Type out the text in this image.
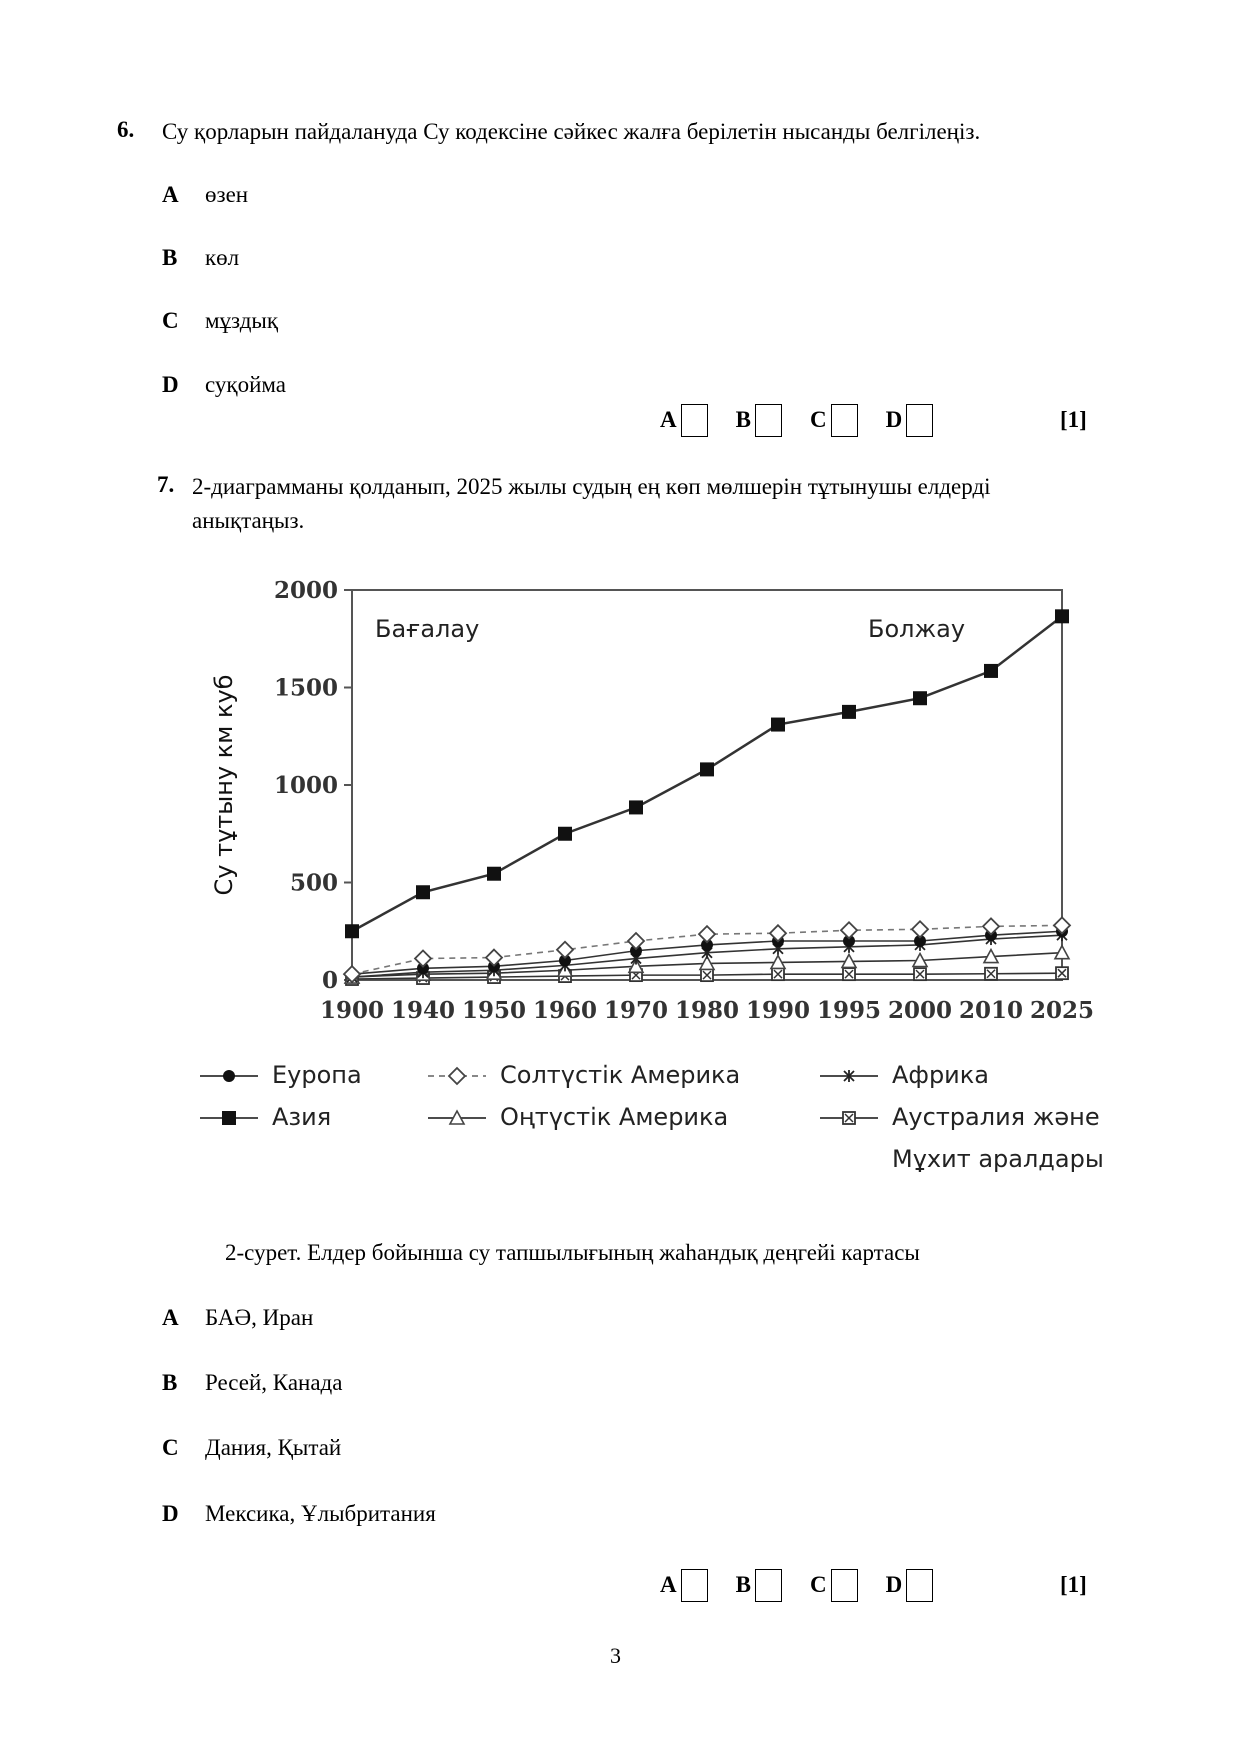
6. Су қорларын пайдалануда Су кодексіне сәйкес жалға берілетін нысанды белгілеңіз.
A өзен
B көл
C мұздық
D суқойма
A	B	C	D	[1]
7. 2-диаграмманы қолданып, 2025 жылы судың ең көп мөлшерін тұтынушы елдерді
анықтаңыз.
0
500
1000
1500
2000
1900 1940 1950 1960 1970 1980 1990 1995 2000 2010 2025
Су тұтыну км куб
Бағалау	Болжау
Еуропа
Азия
Солтүстік Америка
Оңтүстік Америка
Африка
Аустралия және Мұхит аралдары
2-сурет. Елдер бойынша су тапшылығының жаһандық деңгейі картасы
A БАӘ, Иран
B Ресей, Канада
C Дания, Қытай
D Мексика, Ұлыбритания
A	B	C	D	[1]
3
